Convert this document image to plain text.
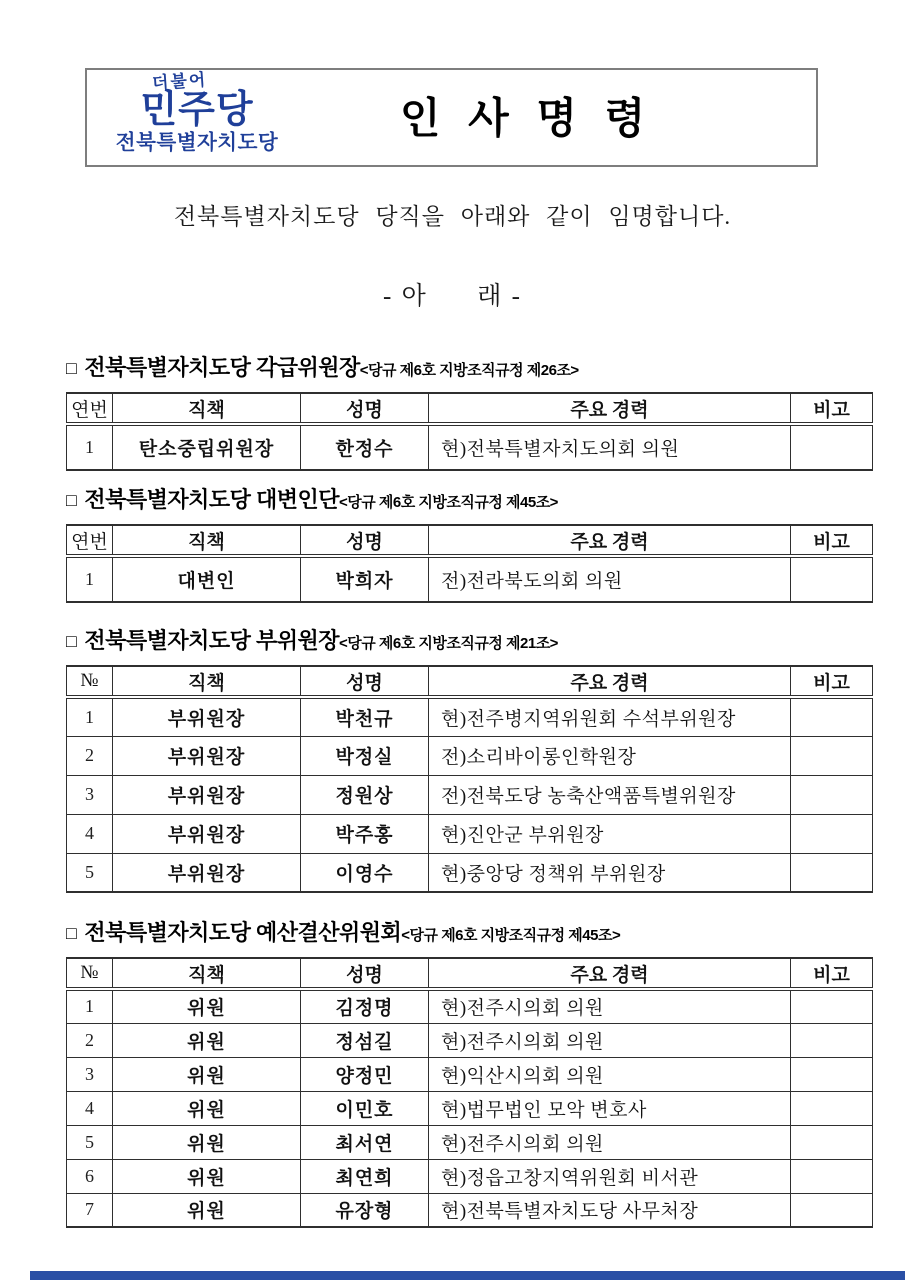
더불어
민주당
전북특별자치도당
인 사 명 령
전북특별자치도당 당직을 아래와 같이 임명합니다.
- 아      래 -
□ 전북특별자치도당 각급위원장<당규 제6호 지방조직규정 제26조>
연번	직책	성명	주요 경력	비고
1	탄소중립위원장	한정수	현)전북특별자치도의회 의원	
□ 전북특별자치도당 대변인단<당규 제6호 지방조직규정 제45조>
연번	직책	성명	주요 경력	비고
1	대변인	박희자	전)전라북도의회 의원	
□ 전북특별자치도당 부위원장<당규 제6호 지방조직규정 제21조>
№	직책	성명	주요 경력	비고
1	부위원장	박천규	현)전주병지역위원회 수석부위원장	
2	부위원장	박정실	전)소리바이롱인학원장	
3	부위원장	정원상	전)전북도당 농축산액품특별위원장	
4	부위원장	박주홍	현)진안군 부위원장	
5	부위원장	이영수	현)중앙당 정책위 부위원장	
□ 전북특별자치도당 예산결산위원회<당규 제6호 지방조직규정 제45조>
№	직책	성명	주요 경력	비고
1	위원	김정명	현)전주시의회 의원	
2	위원	정섬길	현)전주시의회 의원	
3	위원	양정민	현)익산시의회 의원	
4	위원	이민호	현)법무법인 모악 변호사	
5	위원	최서연	현)전주시의회 의원	
6	위원	최연희	현)정읍고창지역위원회 비서관	
7	위원	유장형	현)전북특별자치도당 사무처장	
